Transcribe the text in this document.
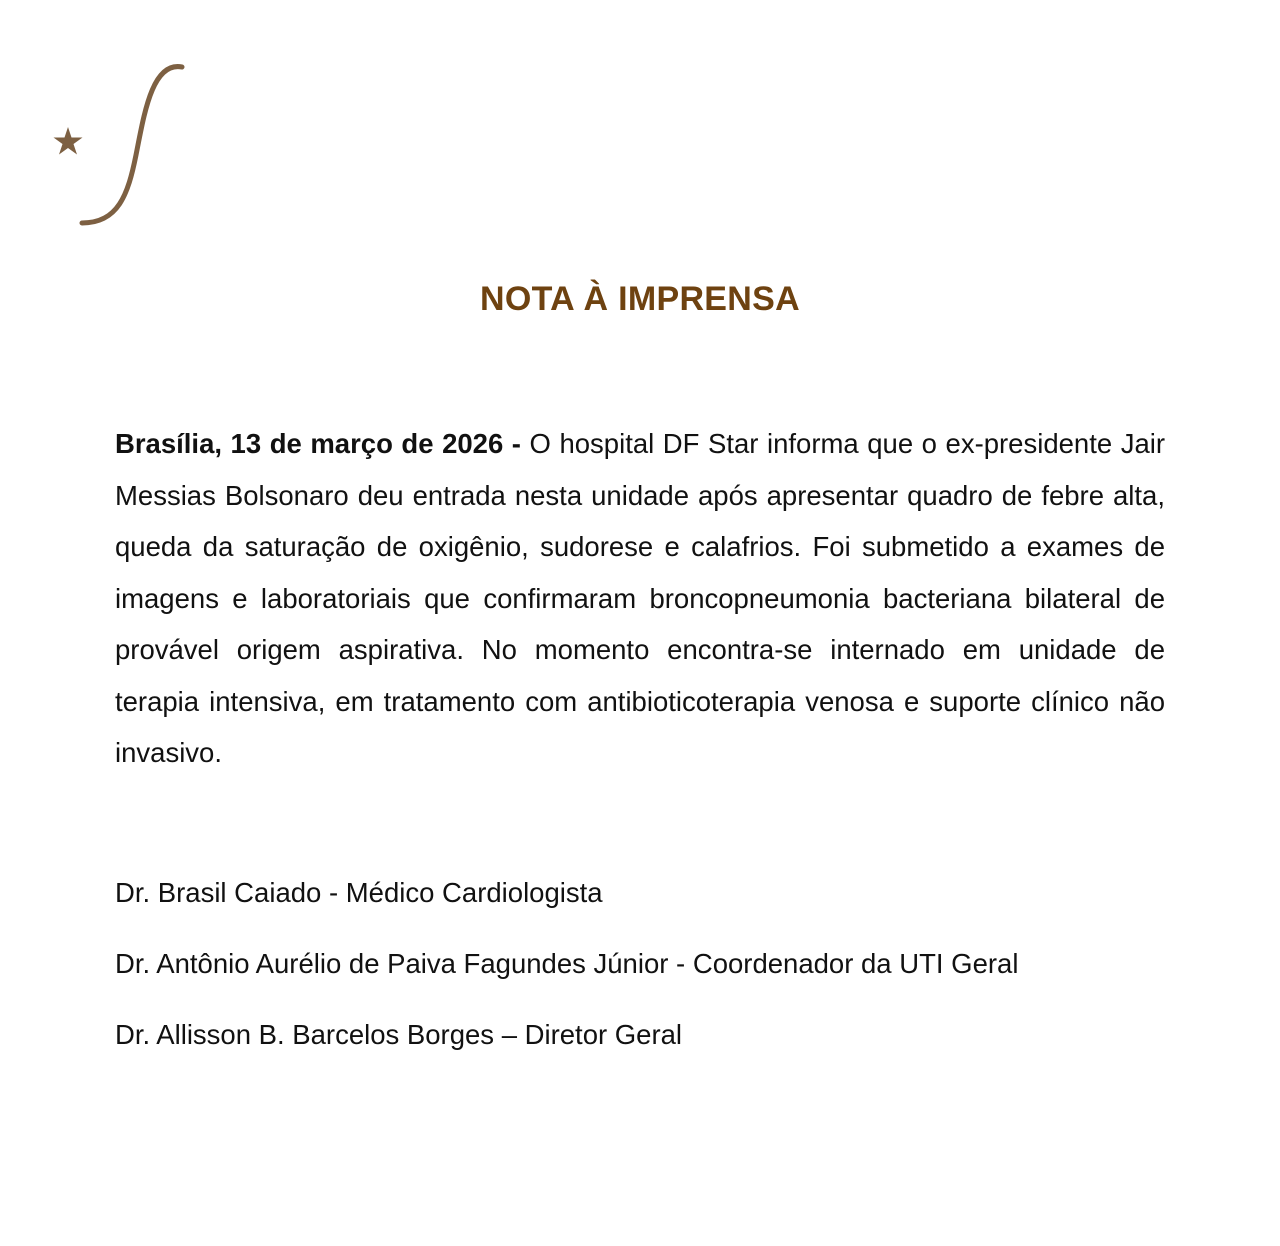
NOTA À IMPRENSA

Brasília, 13 de março de 2026 - O hospital DF Star informa que o ex-presidente Jair Messias Bolsonaro deu entrada nesta unidade após apresentar quadro de febre alta, queda da saturação de oxigênio, sudorese e calafrios. Foi submetido a exames de imagens e laboratoriais que confirmaram broncopneumonia bacteriana bilateral de provável origem aspirativa. No momento encontra-se internado em unidade de terapia intensiva, em tratamento com antibioticoterapia venosa e suporte clínico não invasivo.

Dr. Brasil Caiado - Médico Cardiologista
Dr. Antônio Aurélio de Paiva Fagundes Júnior - Coordenador da UTI Geral
Dr. Allisson B. Barcelos Borges – Diretor Geral
